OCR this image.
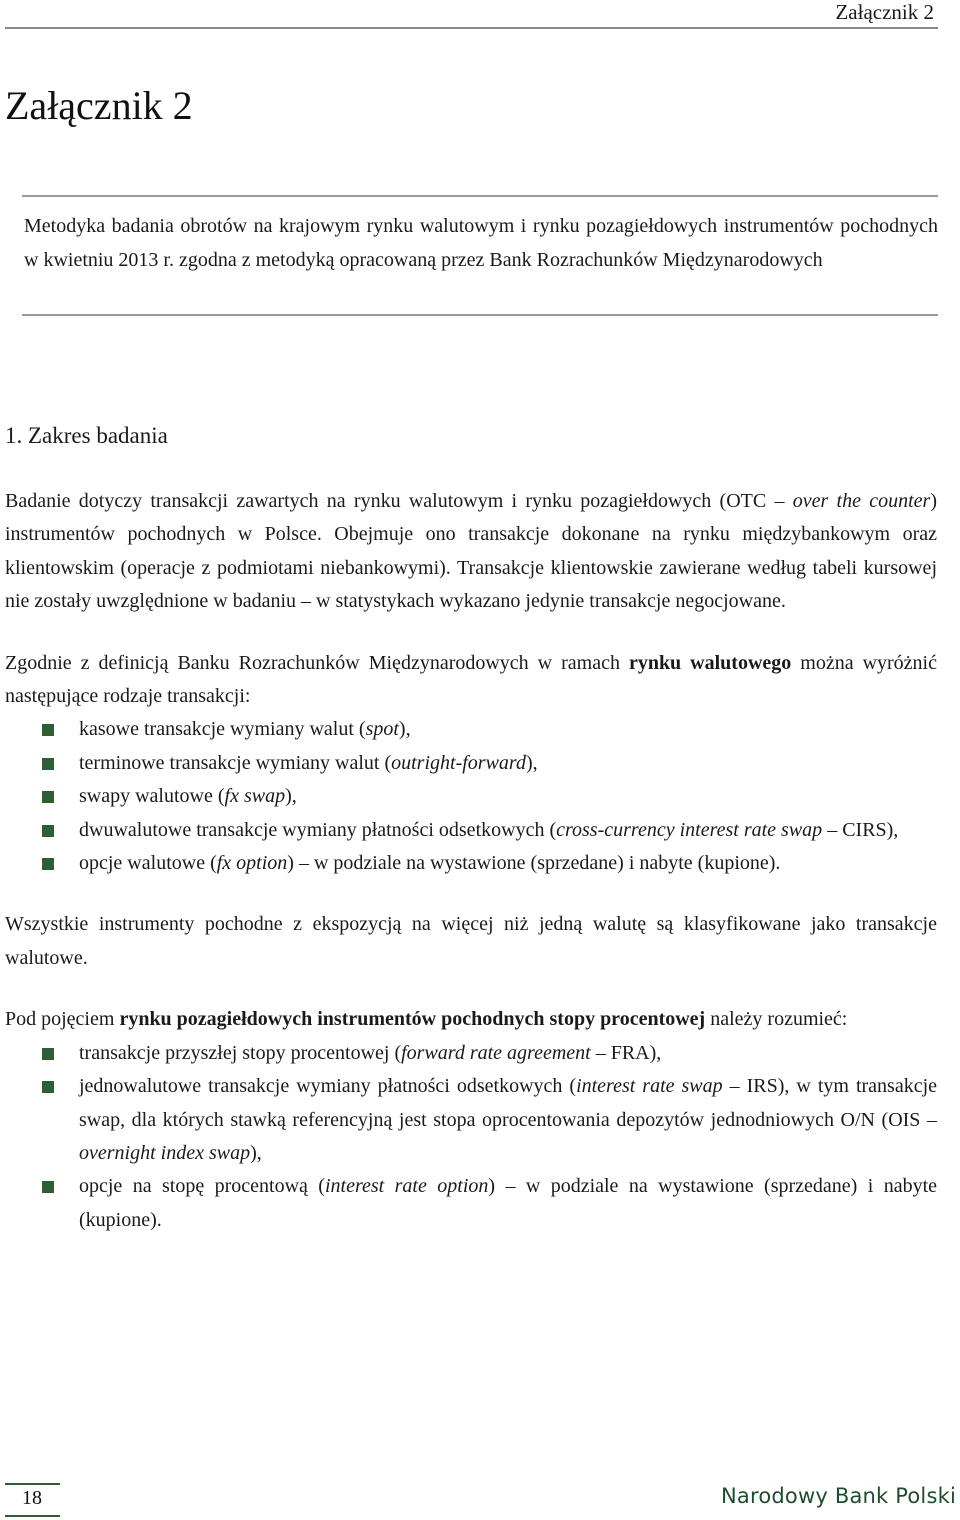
Załącznik 2
Załącznik 2
Metodyka badania obrotów na krajowym rynku walutowym i rynku pozagiełdowych instrumentów pochodnych w kwietniu 2013 r. zgodna z metodyką opracowaną przez Bank Rozrachunków Międzynarodowych
1. Zakres badania

Badanie dotyczy transakcji zawartych na rynku walutowym i rynku pozagiełdowych (OTC – over the counter) instrumentów pochodnych w Polsce. Obejmuje ono transakcje dokonane na rynku międzybankowym oraz klientowskim (operacje z podmiotami niebankowymi). Transakcje klientowskie zawierane według tabeli kursowej nie zostały uwzględnione w badaniu – w statystykach wykazano jedynie transakcje negocjowane.

Zgodnie z definicją Banku Rozrachunków Międzynarodowych w ramach rynku walutowego można wyróżnić następujące rodzaje transakcji:

kasowe transakcje wymiany walut (spot),
terminowe transakcje wymiany walut (outright-forward),
swapy walutowe (fx swap),
dwuwalutowe transakcje wymiany płatności odsetkowych (cross-currency interest rate swap – CIRS),
opcje walutowe (fx option) – w podziale na wystawione (sprzedane) i nabyte (kupione).

Wszystkie instrumenty pochodne z ekspozycją na więcej niż jedną walutę są klasyfikowane jako transakcje walutowe.

Pod pojęciem rynku pozagiełdowych instrumentów pochodnych stopy procentowej należy rozumieć:

transakcje przyszłej stopy procentowej (forward rate agreement – FRA),
jednowalutowe transakcje wymiany płatności odsetkowych (interest rate swap – IRS), w tym transakcje swap, dla których stawką referencyjną jest stopa oprocentowania depozytów jednodniowych O/N (OIS – overnight index swap),
opcje na stopę procentową (interest rate option) – w podziale na wystawione (sprzedane) i nabyte (kupione).
18	Narodowy Bank Polski
